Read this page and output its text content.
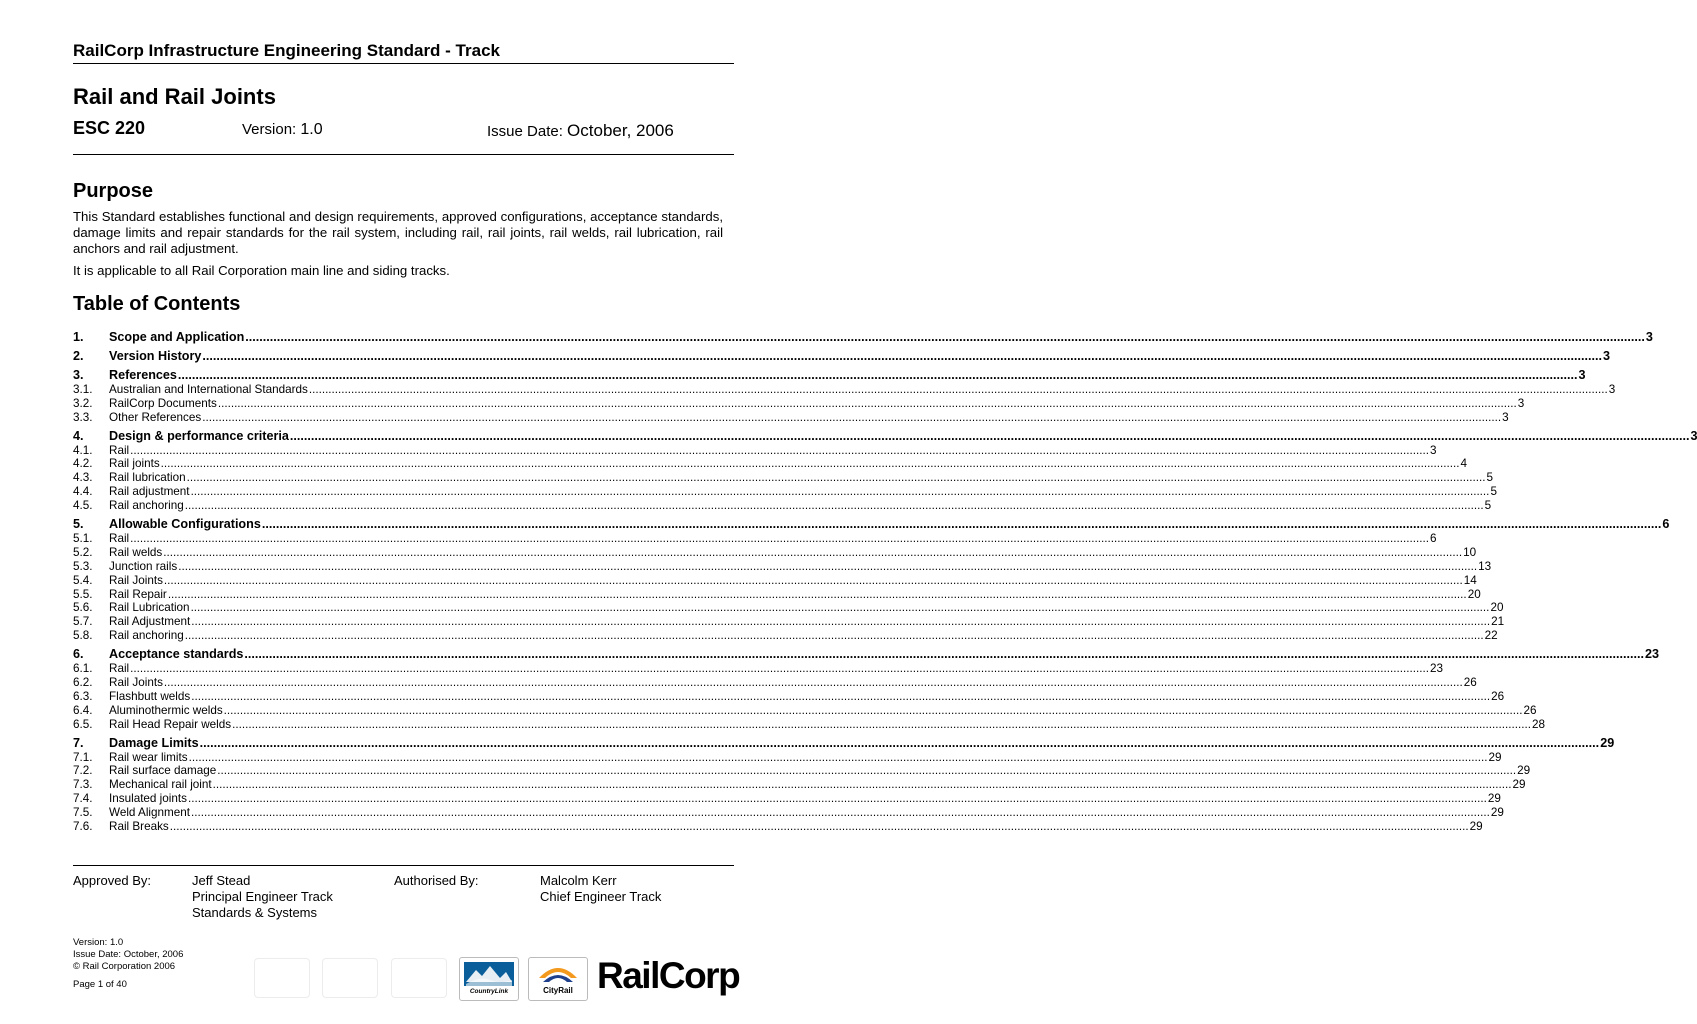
RailCorp Infrastructure Engineering Standard - Track
Rail and Rail Joints
ESC 220	Version: 1.0	Issue Date: October, 2006
Purpose
This Standard establishes functional and design requirements, approved configurations, acceptance standards, damage limits and repair standards for the rail system, including rail, rail joints, rail welds, rail lubrication, rail anchors and rail adjustment.
It is applicable to all Rail Corporation main line and siding tracks.
Table of Contents
1.	Scope and Application ................................................................................................................................................................................................................................................................................................................................................................................................................ 3
2.	Version History ................................................................................................................................................................................................................................................................................................................................................................................................................ 3
3.	References ................................................................................................................................................................................................................................................................................................................................................................................................................ 3
3.1.	Australian and International Standards ................................................................................................................................................................................................................................................................................................................................................................................................................ 3
3.2.	RailCorp Documents ................................................................................................................................................................................................................................................................................................................................................................................................................ 3
3.3.	Other References ................................................................................................................................................................................................................................................................................................................................................................................................................ 3
4.	Design & performance criteria ................................................................................................................................................................................................................................................................................................................................................................................................................ 3
4.1.	Rail ................................................................................................................................................................................................................................................................................................................................................................................................................ 3
4.2.	Rail joints ................................................................................................................................................................................................................................................................................................................................................................................................................ 4
4.3.	Rail lubrication ................................................................................................................................................................................................................................................................................................................................................................................................................ 5
4.4.	Rail adjustment ................................................................................................................................................................................................................................................................................................................................................................................................................ 5
4.5.	Rail anchoring ................................................................................................................................................................................................................................................................................................................................................................................................................ 5
5.	Allowable Configurations ................................................................................................................................................................................................................................................................................................................................................................................................................ 6
5.1.	Rail ................................................................................................................................................................................................................................................................................................................................................................................................................ 6
5.2.	Rail welds ................................................................................................................................................................................................................................................................................................................................................................................................................ 10
5.3.	Junction rails ................................................................................................................................................................................................................................................................................................................................................................................................................ 13
5.4.	Rail Joints ................................................................................................................................................................................................................................................................................................................................................................................................................ 14
5.5.	Rail Repair ................................................................................................................................................................................................................................................................................................................................................................................................................ 20
5.6.	Rail Lubrication ................................................................................................................................................................................................................................................................................................................................................................................................................ 20
5.7.	Rail Adjustment ................................................................................................................................................................................................................................................................................................................................................................................................................ 21
5.8.	Rail anchoring ................................................................................................................................................................................................................................................................................................................................................................................................................ 22
6.	Acceptance standards ................................................................................................................................................................................................................................................................................................................................................................................................................ 23
6.1.	Rail ................................................................................................................................................................................................................................................................................................................................................................................................................ 23
6.2.	Rail Joints ................................................................................................................................................................................................................................................................................................................................................................................................................ 26
6.3.	Flashbutt welds ................................................................................................................................................................................................................................................................................................................................................................................................................ 26
6.4.	Aluminothermic welds ................................................................................................................................................................................................................................................................................................................................................................................................................ 26
6.5.	Rail Head Repair welds ................................................................................................................................................................................................................................................................................................................................................................................................................ 28
7.	Damage Limits ................................................................................................................................................................................................................................................................................................................................................................................................................ 29
7.1.	Rail wear limits ................................................................................................................................................................................................................................................................................................................................................................................................................ 29
7.2.	Rail surface damage ................................................................................................................................................................................................................................................................................................................................................................................................................ 29
7.3.	Mechanical rail joint ................................................................................................................................................................................................................................................................................................................................................................................................................ 29
7.4.	Insulated joints ................................................................................................................................................................................................................................................................................................................................................................................................................ 29
7.5.	Weld Alignment ................................................................................................................................................................................................................................................................................................................................................................................................................ 29
7.6.	Rail Breaks ................................................................................................................................................................................................................................................................................................................................................................................................................ 29
Approved By:	Jeff Stead
Principal Engineer Track
Standards & Systems
Authorised By:	Malcolm Kerr
Chief Engineer Track
Version: 1.0
Issue Date: October, 2006
© Rail Corporation 2006
Page 1 of 40
CountryLink	CityRail RailCorp
